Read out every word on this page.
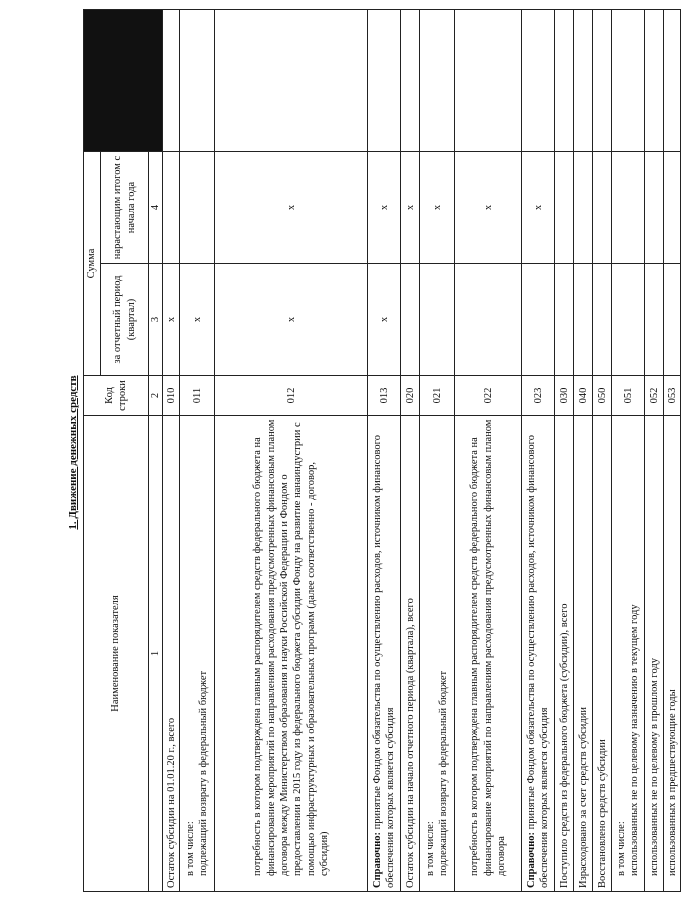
1. Движение денежных средств
Наименование показателя	Код строки	Сумма		
		за отчетный период (квартал)	нарастающим итогом с начала года	
1	2	3	4	
Остаток субсидии на 01.01.20 г., всего	010	x		

в том числе: подлежащий возврату в федеральный бюджет	011	x		
потребность в котором подтверждена главным распорядителем средств федерального бюджета на финансирование мероприятий по направлениям расходования предусмотренных финансовым планом договора между Министерством образования и науки Российской Федерации и Фондом о предоставлении в 2015 году из федерального бюджета субсидии Фонду на развитие нанаиндустрии с помощью инфраструктурных и образовательных программ (далее соответственно - договор, субсидия)	012	x	x	
Справочно: принятые Фондом обязательства по осуществлению расходов, источником финансового обеспечения которых является субсидия	013	x	x	
Остаток субсидии на начало отчетного периода (квартала), всего	020		x	

в том числе: подлежащий возврату в федеральный бюджет	021		x	
потребность в котором подтверждена главным распорядителем средств федерального бюджета на финансирование мероприятий по направлениям расходования предусмотренных финансовым планом договора	022		x	
Справочно: принятые Фондом обязательства по осуществлению расходов, источником финансового обеспечения которых является субсидия	023		x	
Поступило средств из федерального бюджета (субсидии), всего	030			
Израсходовано за счет средств субсидии	040			
Восстановлено средств субсидии	050			

в том числе: использованных не по целевому назначению в текущем году	051			
использованных не по целевому в прошлом году	052			
использованных в предшествующие годы	053			
